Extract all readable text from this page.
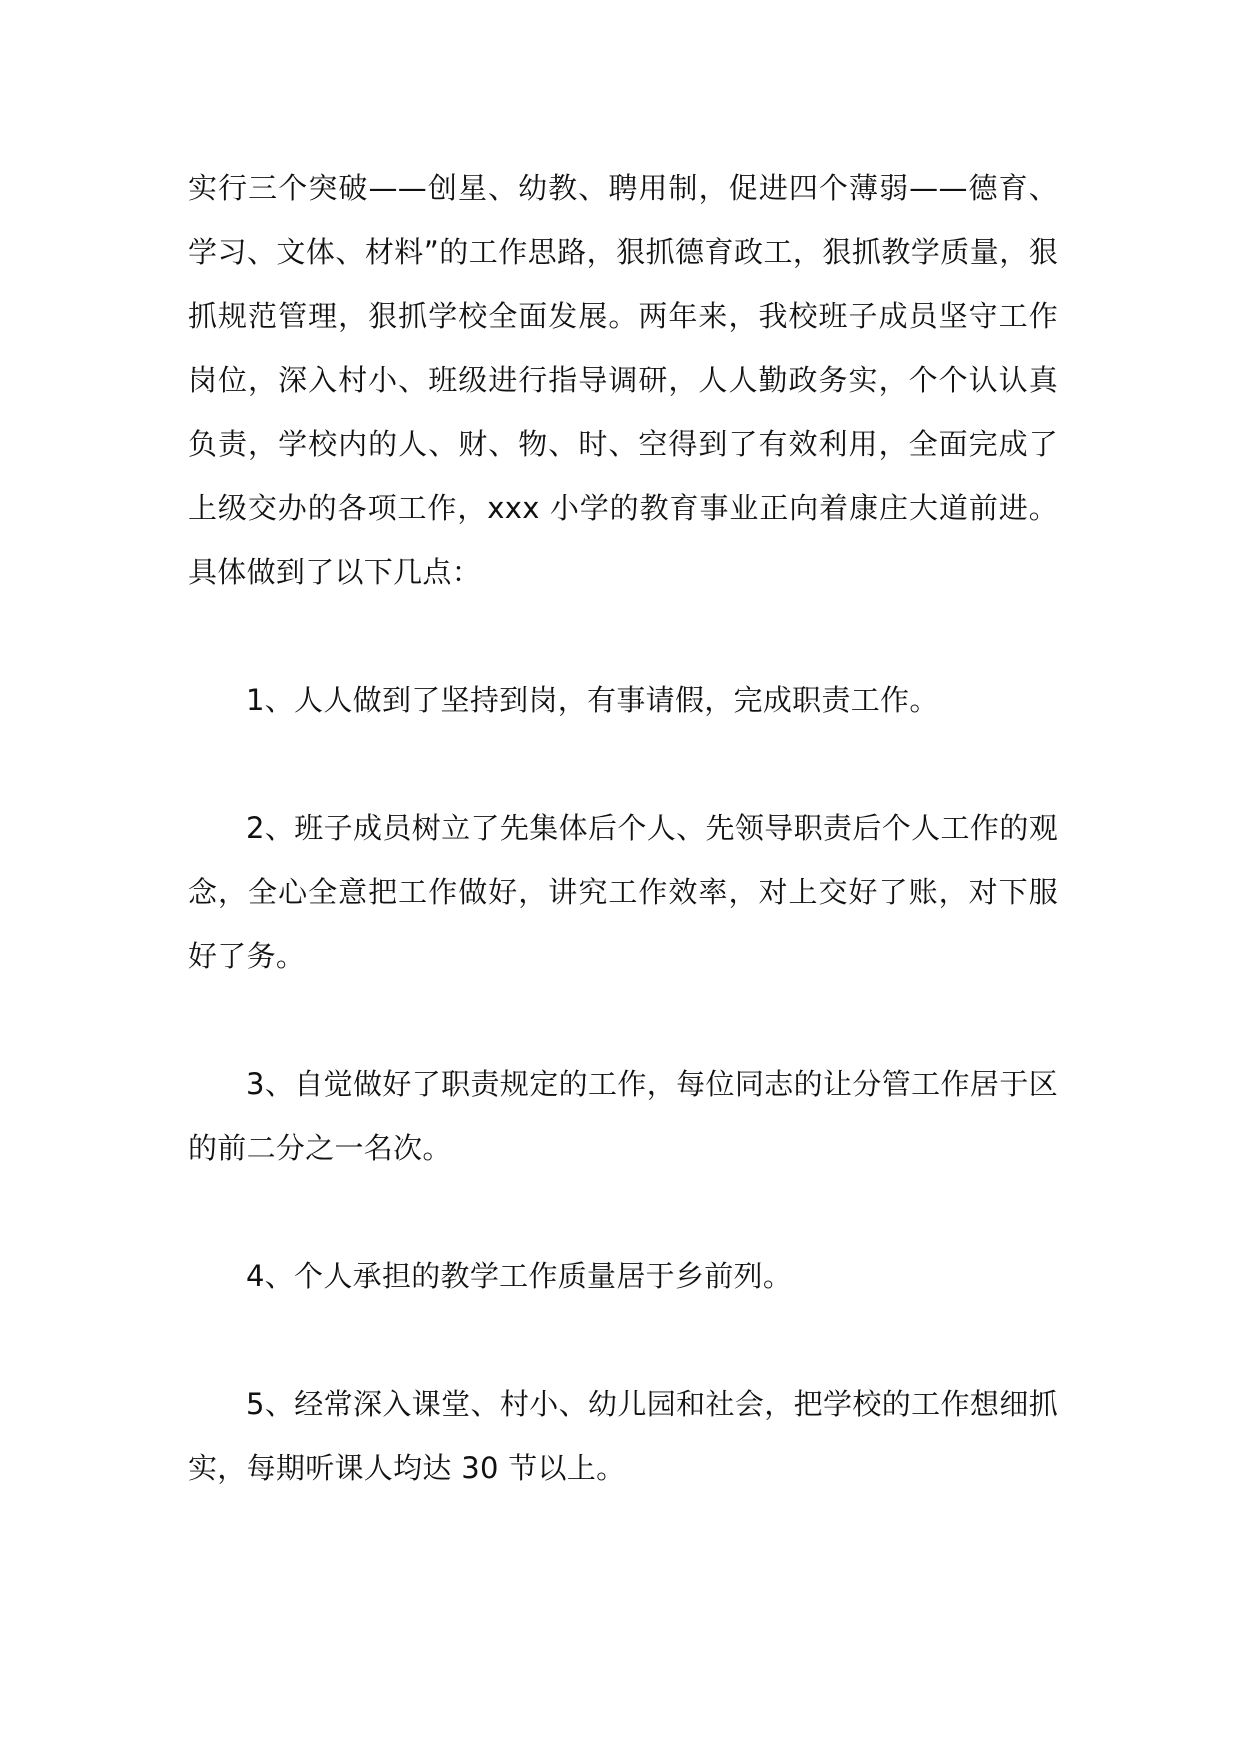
实行三个突破——创星、幼教、聘用制，促进四个薄弱——德育、学习、文体、材料”的工作思路，狠抓德育政工，狠抓教学质量，狠抓规范管理，狠抓学校全面发展。两年来，我校班子成员坚守工作岗位，深入村小、班级进行指导调研，人人勤政务实，个个认认真负责，学校内的人、财、物、时、空得到了有效利用，全面完成了上级交办的各项工作，xxx 小学的教育事业正向着康庄大道前进。具体做到了以下几点：

1、人人做到了坚持到岗，有事请假，完成职责工作。

2、班子成员树立了先集体后个人、先领导职责后个人工作的观念，全心全意把工作做好，讲究工作效率，对上交好了账，对下服好了务。

3、自觉做好了职责规定的工作，每位同志的让分管工作居于区的前二分之一名次。

4、个人承担的教学工作质量居于乡前列。

5、经常深入课堂、村小、幼儿园和社会，把学校的工作想细抓实，每期听课人均达 30 节以上。
